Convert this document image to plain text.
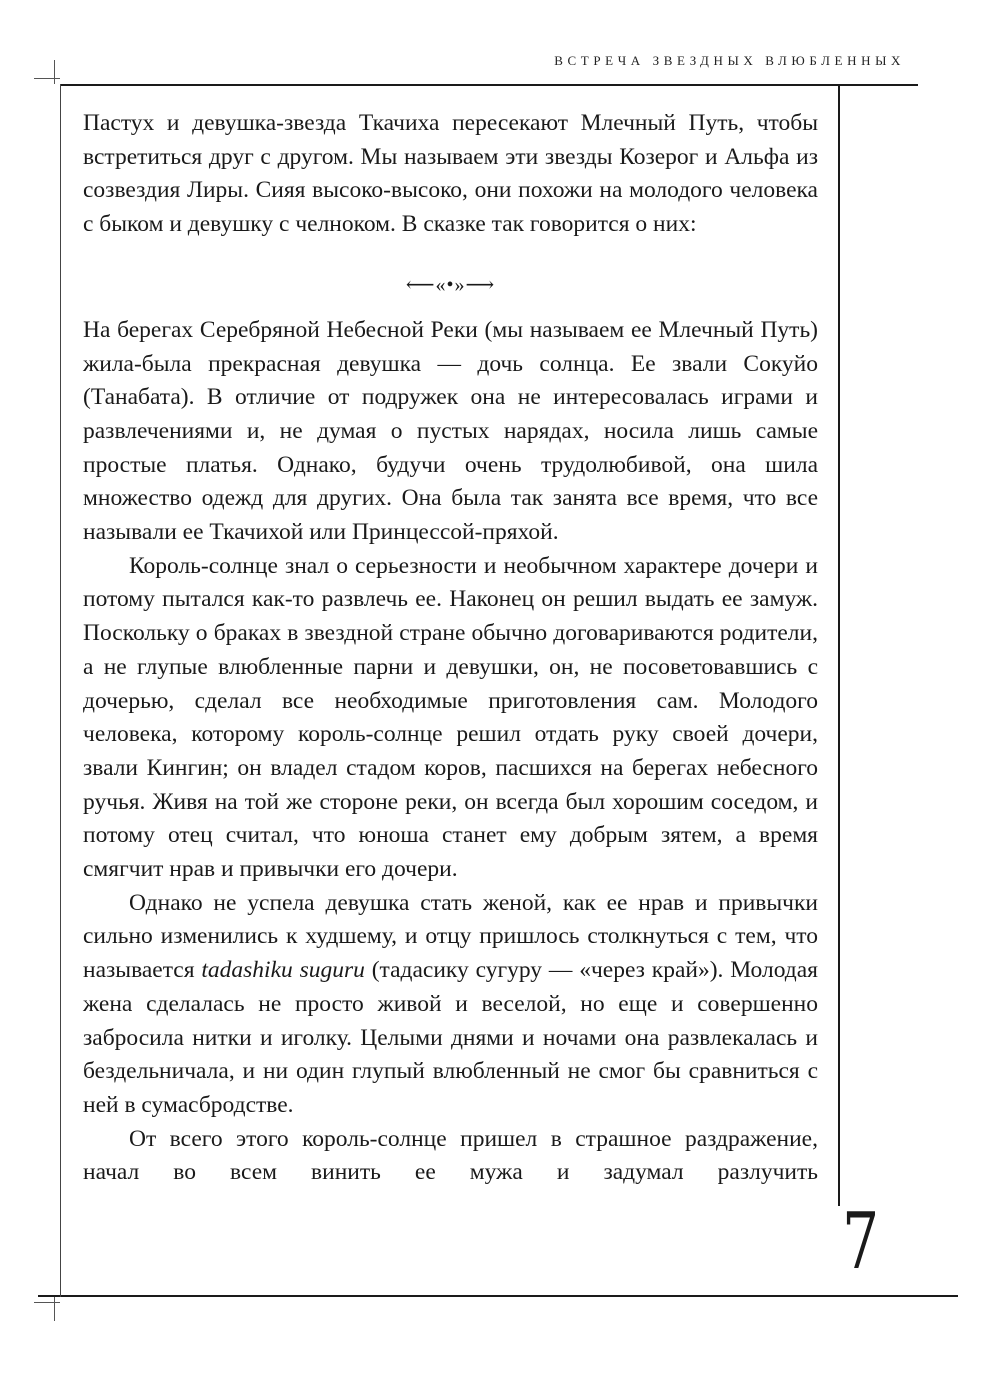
ВСТРЕЧА ЗВЕЗДНЫХ ВЛЮБЛЕННЫХ

Пастух и девушка-звезда Ткачиха пересекают Млечный Путь, чтобы встретиться друг с другом. Мы называем эти звезды Козерог и Альфа из созвездия Лиры. Сияя высоко-высоко, они похожи на молодого человека с быком и девушку с челноком. В сказке так говорится о них:

⟵«•»⟶

На берегах Серебряной Небесной Реки (мы называем ее Млечный Путь) жила-была прекрасная девушка — дочь солнца. Ее звали Сокуйо (Танабата). В отличие от подружек она не интересовалась играми и развлечениями и, не думая о пустых нарядах, носила лишь самые простые платья. Однако, будучи очень трудолюбивой, она шила множество одежд для других. Она была так занята все время, что все называли ее Ткачихой или Принцессой-пряхой.

Король-солнце знал о серьезности и необычном характере дочери и потому пытался как-то развлечь ее. Наконец он решил выдать ее замуж. Поскольку о браках в звездной стране обычно договариваются родители, а не глупые влюбленные парни и девушки, он, не посоветовавшись с дочерью, сделал все необходимые приготовления сам. Молодого человека, которому король-солнце решил отдать руку своей дочери, звали Кингин; он владел стадом коров, пасшихся на берегах небесного ручья. Живя на той же стороне реки, он всегда был хорошим соседом, и потому отец считал, что юноша станет ему добрым зятем, а время смягчит нрав и привычки его дочери.

Однако не успела девушка стать женой, как ее нрав и привычки сильно изменились к худшему, и отцу пришлось столкнуться с тем, что называется tadashiku suguru (тадасику сугуру — «через край»). Молодая жена сделалась не просто живой и веселой, но еще и совершенно забросила нитки и иголку. Целыми днями и ночами она развлекалась и бездельничала, и ни один глупый влюбленный не смог бы сравниться с ней в сумасбродстве.

От всего этого король-солнце пришел в страшное раздражение, начал во всем винить ее мужа и задумал разлучить

7
